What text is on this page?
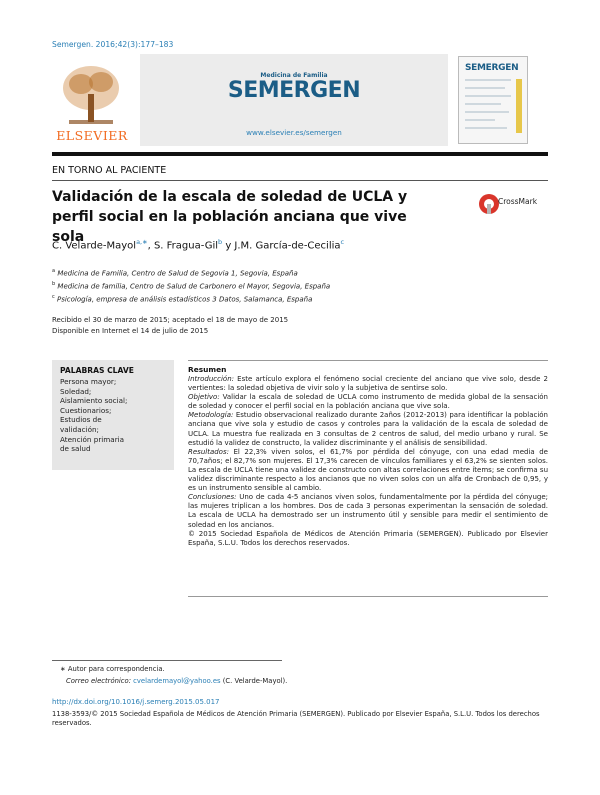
Semergen. 2016;42(3):177–183
ELSEVIER
Medicina de Familia
SEMERGEN
www.elsevier.es/semergen
SEMERGEN
EN TORNO AL PACIENTE
Validación de la escala de soledad de UCLA y perfil social en la población anciana que vive sola
CrossMark
C. Velarde-Mayol$^{a,∗}$, S. Fragua-Gil$^b$ y J.M. García-de-Cecilia$^c$
$^a$ Medicina de Familia, Centro de Salud de Segovia 1, Segovia, España
$^b$ Medicina de familia, Centro de Salud de Carbonero el Mayor, Segovia, España
$^c$ Psicología, empresa de análisis estadísticos 3 Datos, Salamanca, España
Recibido el 30 de marzo de 2015; aceptado el 18 de mayo de 2015
Disponible en Internet el 14 de julio de 2015
PALABRAS CLAVE
Persona mayor;
Soledad;
Aislamiento social;
Cuestionarios;
Estudios de
validación;
Atención primaria
de salud
Resumen

Introducción: Este artículo explora el fenómeno social creciente del anciano que vive solo, desde 2 vertientes: la soledad objetiva de vivir solo y la subjetiva de sentirse solo.

Objetivo: Validar la escala de soledad de UCLA como instrumento de medida global de la sensación de soledad y conocer el perfil social en la población anciana que vive sola.

Metodología: Estudio observacional realizado durante 2años (2012-2013) para identificar la población anciana que vive sola y estudio de casos y controles para la validación de la escala de soledad de UCLA. La muestra fue realizada en 3 consultas de 2 centros de salud, del medio urbano y rural. Se estudió la validez de constructo, la validez discriminante y el análisis de sensibilidad.

Resultados: El 22,3% viven solos, el 61,7% por pérdida del cónyuge, con una edad media de 70,7años; el 82,7% son mujeres. El 17,3% carecen de vínculos familiares y el 63,2% se sienten solos. La escala de UCLA tiene una validez de constructo con altas correlaciones entre ítems; se confirma su validez discriminante respecto a los ancianos que no viven solos con un alfa de Cronbach de 0,95, y es un instrumento sensible al cambio.

Conclusiones: Uno de cada 4-5 ancianos viven solos, fundamentalmente por la pérdida del cónyuge; las mujeres triplican a los hombres. Dos de cada 3 personas experimentan la sensación de soledad. La escala de UCLA ha demostrado ser un instrumento útil y sensible para medir el sentimiento de soledad en los ancianos.

© 2015 Sociedad Española de Médicos de Atención Primaria (SEMERGEN). Publicado por Elsevier España, S.L.U. Todos los derechos reservados.

∗ Autor para correspondencia.
Correo electrónico: cvelardemayol@yahoo.es (C. Velarde-Mayol).
http://dx.doi.org/10.1016/j.semerg.2015.05.017
1138-3593/© 2015 Sociedad Española de Médicos de Atención Primaria (SEMERGEN). Publicado por Elsevier España, S.L.U. Todos los derechos reservados.
